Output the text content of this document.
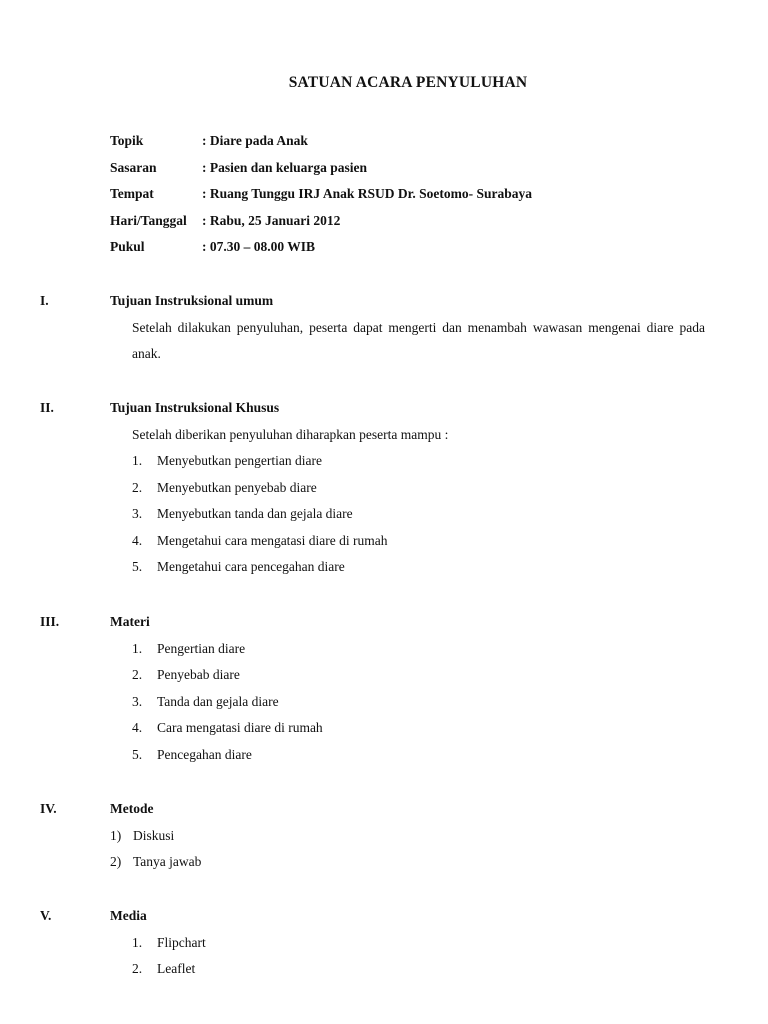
SATUAN ACARA PENYULUHAN
Topik	: Diare pada Anak
Sasaran	: Pasien dan keluarga pasien
Tempat	: Ruang Tunggu IRJ Anak RSUD Dr. Soetomo- Surabaya
Hari/Tanggal : Rabu, 25 Januari 2012
Pukul	: 07.30 – 08.00 WIB
I.	Tujuan Instruksional umum
Setelah dilakukan penyuluhan, peserta dapat mengerti dan menambah wawasan mengenai diare pada anak.
II.	Tujuan Instruksional Khusus
Setelah diberikan penyuluhan diharapkan peserta mampu :
1. Menyebutkan pengertian diare
2. Menyebutkan penyebab diare
3. Menyebutkan tanda dan gejala diare
4. Mengetahui cara mengatasi diare di rumah
5. Mengetahui cara pencegahan diare
III.	Materi
1. Pengertian diare
2. Penyebab diare
3. Tanda dan gejala diare
4. Cara mengatasi diare di rumah
5. Pencegahan diare
IV.	Metode
1) Diskusi
2) Tanya jawab
V.	Media
1. Flipchart
2. Leaflet
